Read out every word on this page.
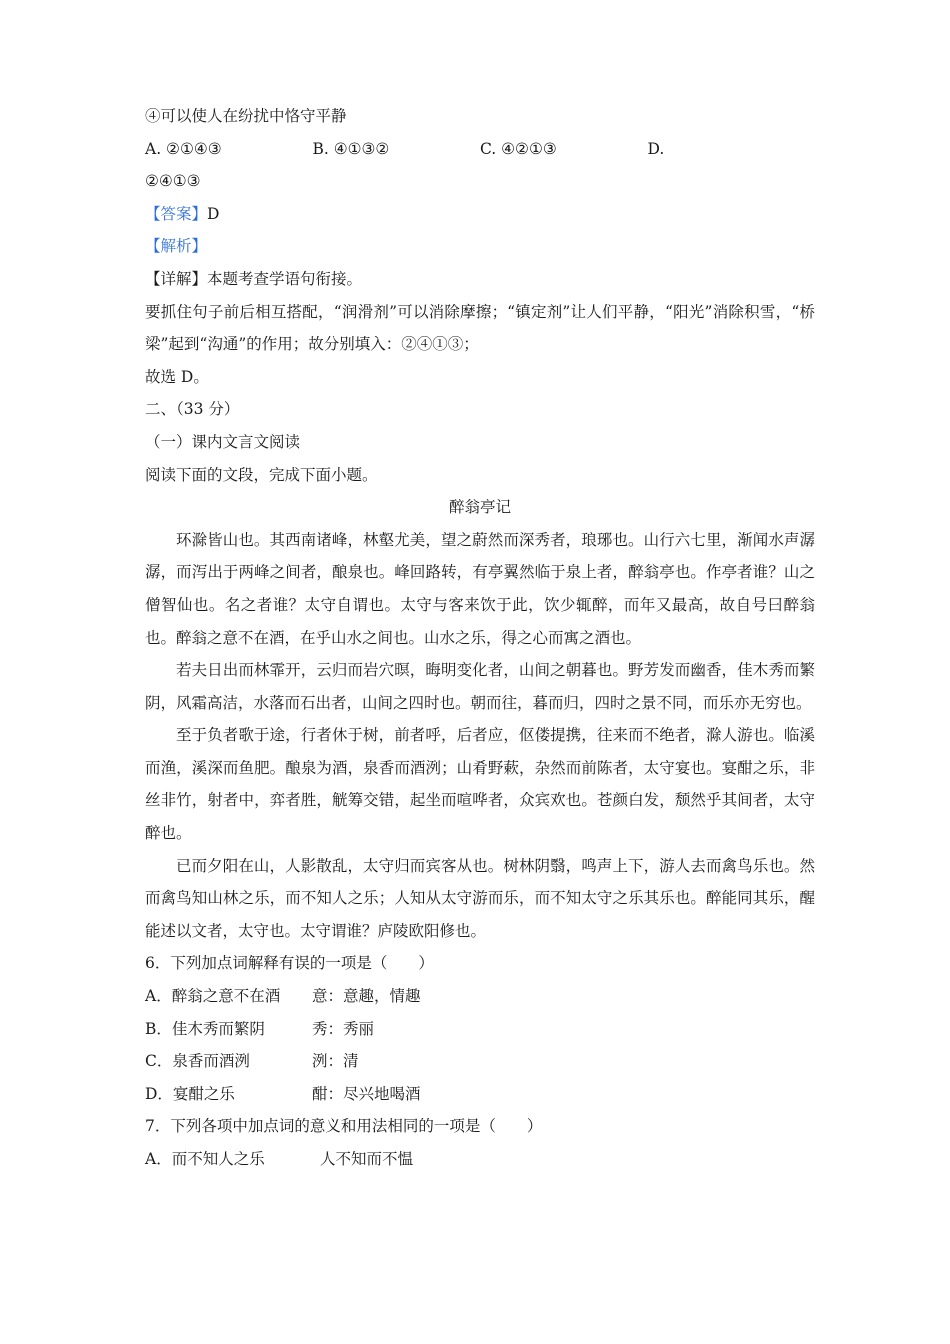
④可以使人在纷扰中恪守平静
A. ②①④③	B. ④①③②	C. ④②①③	D.
②④①③
【答案】D
【解析】
【详解】本题考查学语句衔接。

要抓住句子前后相互搭配，“润滑剂”可以消除摩擦；“镇定剂”让人们平静，“阳光”消除积雪，“桥梁”起到“沟通”的作用；故分别填入：②④①③；

故选 D。
二、（33 分）
（一）课内文言文阅读
阅读下面的文段，完成下面小题。
醉翁亭记

环滁皆山也。其西南诸峰，林壑尤美，望之蔚然而深秀者，琅琊也。山行六七里，渐闻水声潺潺，而泻出于两峰之间者，酿泉也。峰回路转，有亭翼然临于泉上者，醉翁亭也。作亭者谁？山之僧智仙也。名之者谁？太守自谓也。太守与客来饮于此，饮少辄醉，而年又最高，故自号曰醉翁也。醉翁之意不在酒，在乎山水之间也。山水之乐，得之心而寓之酒也。

若夫日出而林霏开，云归而岩穴暝，晦明变化者，山间之朝暮也。野芳发而幽香，佳木秀而繁阴，风霜高洁，水落而石出者，山间之四时也。朝而往，暮而归，四时之景不同，而乐亦无穷也。

至于负者歌于途，行者休于树，前者呼，后者应，伛偻提携，往来而不绝者，滁人游也。临溪而渔，溪深而鱼肥。酿泉为酒，泉香而酒洌；山肴野蔌，杂然而前陈者，太守宴也。宴酣之乐，非丝非竹，射者中，弈者胜，觥筹交错，起坐而喧哗者，众宾欢也。苍颜白发，颓然乎其间者，太守醉也。

已而夕阳在山，人影散乱，太守归而宾客从也。树林阴翳，鸣声上下，游人去而禽鸟乐也。然而禽鸟知山林之乐，而不知人之乐；人知从太守游而乐，而不知太守之乐其乐也。醉能同其乐，醒能述以文者，太守也。太守谓谁？庐陵欧阳修也。

6．下列加点词解释有误的一项是（　　）
A．醉翁之意不在酒	意：意趣，情趣
B．佳木秀而繁阴	秀：秀丽
C．泉香而酒洌	洌：清
D．宴酣之乐	酣：尽兴地喝酒
7．下列各项中加点词的意义和用法相同的一项是（　　）
A．而不知人之乐	人不知而不愠
